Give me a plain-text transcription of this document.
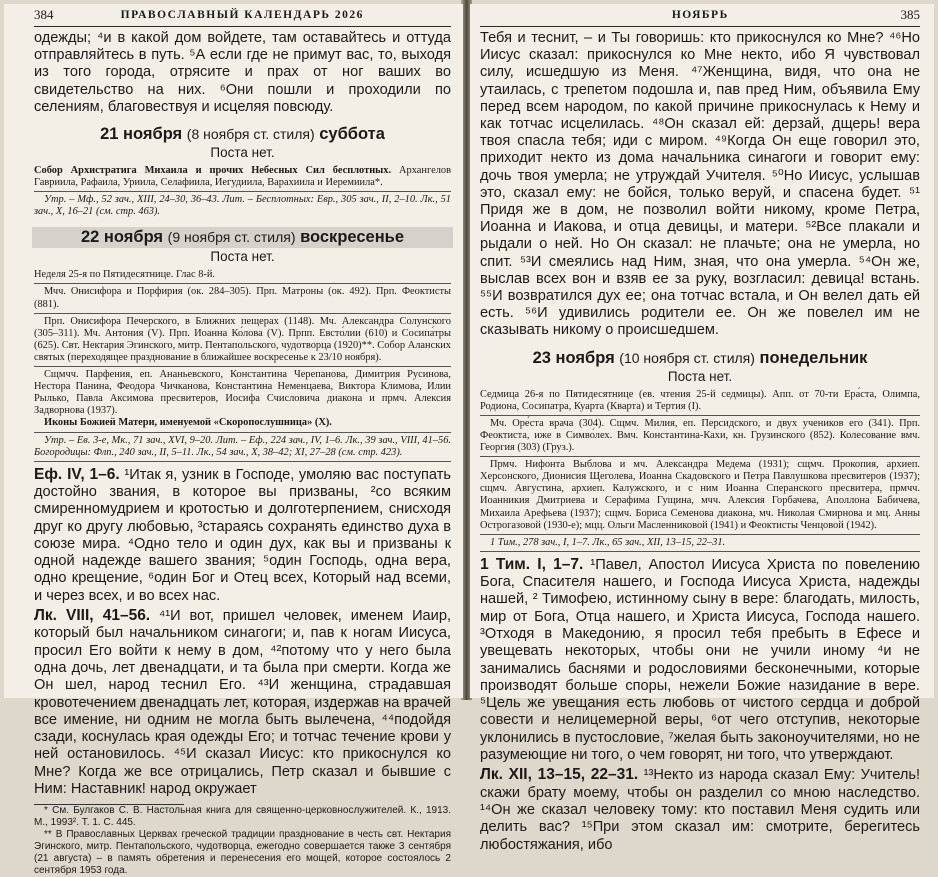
384	ПРАВОСЛАВНЫЙ КАЛЕНДАРЬ 2026

одежды; ⁴и в какой дом войдете, там оставайтесь и оттуда отправляйтесь в путь. ⁵А если где не примут вас, то, выходя из того города, отрясите и прах от ног ваших во свидетельство на них. ⁶Они пошли и проходили по селениям, благовествуя и исцеляя повсюду.

21 ноября (8 ноября ст. стиля) суббота
Поста нет.

Собор Архистратига Михаила и прочих Небесных Сил бесплотных. Архангелов Гавриила, Рафаила, Уриила, Селафиила, Иегудиила, Варахиила и Иеремиила*.

Утр. – Мф., 52 зач., XIII, 24–30, 36–43. Лит. – Бесплотных: Евр., 305 зач., II, 2–10. Лк., 51 зач., X, 16–21 (см. стр. 463).

22 ноября (9 ноября ст. стиля) воскресенье
Поста нет.

Неделя 25-я по Пятидесятнице. Глас 8-й.

Мчч. Онисифора и Порфирия (ок. 284–305). Прп. Матроны (ок. 492). Прп. Феоктисты (881).

Прп. Онисифора Печерского, в Ближних пещерах (1148). Мч. Александра Солунского (305–311). Мч. Антония (V). Прп. Иоанна Ко́лова (V). Прпп. Евсто́лии (610) и Сосипа́тры (625). Свт. Нектария Эгинского, митр. Пентапольского, чудотворца (1920)**. Собор Аланских святых (переходящее празднование в ближайшее воскресенье к 23/10 ноября).

Сщмчч. Парфения, еп. Ананьевского, Константина Черепанова, Димитрия Русинова, Нестора Панина, Феодора Чичканова, Константина Неменцаева, Виктора Климова, Илии Рылько, Павла Аксимова пресвитеров, Иосифа Счисловича диакона и прмч. Алексия Задворнова (1937).

Иконы Божией Матери, именуемой «Скоропослушница» (X).

Утр. – Ев. 3-е, Мк., 71 зач., XVI, 9–20. Лит. – Еф., 224 зач., IV, 1–6. Лк., 39 зач., VIII, 41–56. Богородицы: Флп., 240 зач., II, 5–11. Лк., 54 зач., X, 38–42; XI, 27–28 (см. стр. 423).

Еф. IV, 1–6. ¹Итак я, узник в Господе, умоляю вас поступать достойно звания, в которое вы призваны, ²со всяким смиренномудрием и кротостью и долготерпением, снисходя друг ко другу любовью, ³стараясь сохранять единство духа в союзе мира. ⁴Одно тело и один дух, как вы и призваны к одной надежде вашего звания; ⁵один Господь, одна вера, одно крещение, ⁶один Бог и Отец всех, Который над всеми, и через всех, и во всех нас.

Лк. VIII, 41–56. ⁴¹И вот, пришел человек, именем Иаир, который был начальником синагоги; и, пав к ногам Иисуса, просил Его войти к нему в дом, ⁴²потому что у него была одна дочь, лет двенадцати, и та была при смерти. Когда же Он шел, народ теснил Его. ⁴³И женщина, страдавшая кровотечением двенадцать лет, которая, издержав на врачей все имение, ни одним не могла быть вылечена, ⁴⁴подойдя сзади, коснулась края одежды Его; и тотчас течение крови у ней остановилось. ⁴⁵И сказал Иисус: кто прикоснулся ко Мне? Когда же все отрицались, Петр сказал и бывшие с Ним: Наставник! народ окружает

* См. Булгаков С. В. Настольная книга для священно-церковнослужителей. К., 1913. М., 1993². Т. 1. С. 445.

** В Православных Церквах греческой традиции празднование в честь свт. Нектария Эгинского, митр. Пентапольского, чудотворца, ежегодно совершается также 3 сентября (21 августа) – в память обретения и перенесения его мощей, которое состоялось 2 сентября 1953 года.

НОЯБРЬ	385

Тебя и теснит, – и Ты говоришь: кто прикоснулся ко Мне? ⁴⁶Но Иисус сказал: прикоснулся ко Мне некто, ибо Я чувствовал силу, исшедшую из Меня. ⁴⁷Женщина, видя, что она не утаилась, с трепетом подошла и, пав пред Ним, объявила Ему перед всем народом, по какой причине прикоснулась к Нему и как тотчас исцелилась. ⁴⁸Он сказал ей: дерзай, дщерь! вера твоя спасла тебя; иди с миром. ⁴⁹Когда Он еще говорил это, приходит некто из дома начальника синагоги и говорит ему: дочь твоя умерла; не утруждай Учителя. ⁵⁰Но Иисус, услышав это, сказал ему: не бойся, только веруй, и спасена будет. ⁵¹ Придя же в дом, не позволил войти никому, кроме Петра, Иоанна и Иакова, и отца девицы, и матери. ⁵²Все плакали и рыдали о ней. Но Он сказал: не плачьте; она не умерла, но спит. ⁵³И смеялись над Ним, зная, что она умерла. ⁵⁴Он же, выслав всех вон и взяв ее за руку, возгласил: девица! встань. ⁵⁵И возвратился дух ее; она тотчас встала, и Он велел дать ей есть. ⁵⁶И удивились родители ее. Он же повелел им не сказывать никому о происшедшем.

23 ноября (10 ноября ст. стиля) понедельник
Поста нет.

Седмица 26-я по Пятидесятнице (ев. чтения 25-й седмицы). Апп. от 70-ти Ера́ста, Олимпа, Родиона, Сосипатра, Куарта (Кварта) и Тертия (I).

Мч. Оре́ста врача (304). Сщмч. Милия, еп. Персидского, и двух учеников его (341). Прп. Феоктиста, иже в Симво́лех. Вмч. Константина-Кахи, кн. Грузинского (852). Колесование вмч. Георгия (303) (Груз.).

Прмч. Нифонта Выблова и мч. Александра Медема (1931); сщмч. Прокопия, архиеп. Херсонского, Дионисия Щеголева, Иоанна Скадовского и Петра Павлушкова пресвитеров (1937); сщмч. Августина, архиеп. Калужского, и с ним Иоанна Сперанского пресвитера, прмчч. Иоанникия Дмитриева и Серафима Гущина, мчч. Алексия Горбачева, Аполлона Бабичева, Михаила Арефьева (1937); сщмч. Бориса Семенова диакона, мч. Николая Смирнова и мц. Анны Острогазовой (1930-е); мцц. Ольги Масленниковой (1941) и Феоктисты Ченцовой (1942).

1 Тим., 278 зач., I, 1–7. Лк., 65 зач., XII, 13–15, 22–31.

1 Тим. I, 1–7. ¹Павел, Апостол Иисуса Христа по повелению Бога, Спасителя нашего, и Господа Иисуса Христа, надежды нашей, ² Тимофею, истинному сыну в вере: благодать, милость, мир от Бога, Отца нашего, и Христа Иисуса, Господа нашего. ³Отходя в Македонию, я просил тебя пребыть в Ефесе и увещевать некоторых, чтобы они не учили иному ⁴и не занимались баснями и родословиями бесконечными, которые производят больше споры, нежели Божие назидание в вере. ⁵Цель же увещания есть любовь от чистого сердца и доброй совести и нелицемерной веры, ⁶от чего отступив, некоторые уклонились в пустословие, ⁷желая быть законоучителями, но не разумеющие ни того, о чем говорят, ни того, что утверждают.

Лк. XII, 13–15, 22–31. ¹³Некто из народа сказал Ему: Учитель! скажи брату моему, чтобы он разделил со мною наследство. ¹⁴Он же сказал человеку тому: кто поставил Меня судить или делить вас? ¹⁵При этом сказал им: смотрите, берегитесь любостяжания, ибо
